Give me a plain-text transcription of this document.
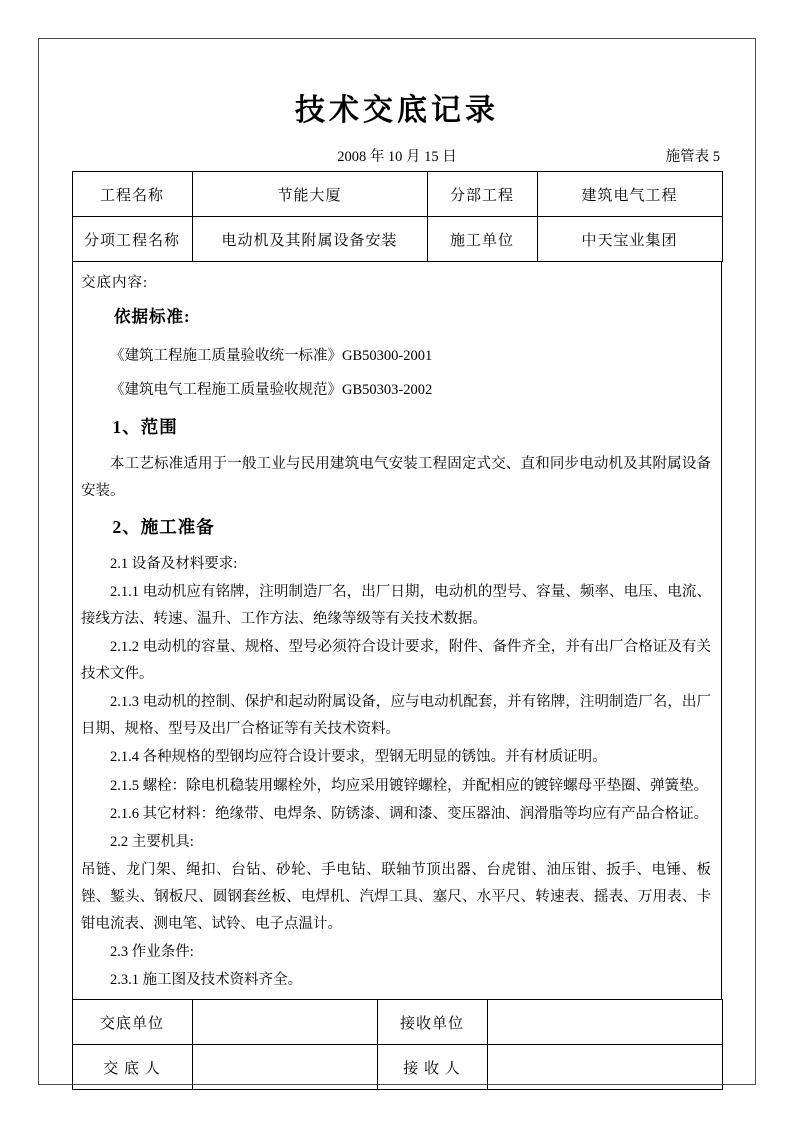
技术交底记录
2008 年 10 月 15 日	施管表 5
工程名称	节能大厦	分部工程	建筑电气工程
分项工程名称	电动机及其附属设备安装	施工单位	中天宝业集团
交底内容:

依据标准:

《建筑工程施工质量验收统一标准》GB50300-2001

《建筑电气工程施工质量验收规范》GB50303-2002

1、范围

本工艺标准适用于一般工业与民用建筑电气安装工程固定式交、直和同步电动机及其附属设备安装。

2、施工准备

2.1 设备及材料要求:

2.1.1 电动机应有铭牌，注明制造厂名，出厂日期，电动机的型号、容量、频率、电压、电流、接线方法、转速、温升、工作方法、绝缘等级等有关技术数据。

2.1.2 电动机的容量、规格、型号必须符合设计要求，附件、备件齐全，并有出厂合格证及有关技术文件。

2.1.3 电动机的控制、保护和起动附属设备，应与电动机配套，并有铭牌，注明制造厂名，出厂日期、规格、型号及出厂合格证等有关技术资料。

2.1.4 各种规格的型钢均应符合设计要求，型钢无明显的锈蚀。并有材质证明。

2.1.5 螺栓：除电机稳装用螺栓外，均应采用镀锌螺栓，并配相应的镀锌螺母平垫圈、弹簧垫。

2.1.6 其它材料：绝缘带、电焊条、防锈漆、调和漆、变压器油、润滑脂等均应有产品合格证。

2.2 主要机具:

吊链、龙门架、绳扣、台钻、砂轮、手电钻、联轴节顶出器、台虎钳、油压钳、扳手、电锤、板锉、錾头、钢板尺、圆钢套丝板、电焊机、汽焊工具、塞尺、水平尺、转速表、摇表、万用表、卡钳电流表、测电笔、试铃、电子点温计。

2.3 作业条件:

2.3.1 施工图及技术资料齐全。

交底单位		接收单位	
交 底 人		接 收 人	
